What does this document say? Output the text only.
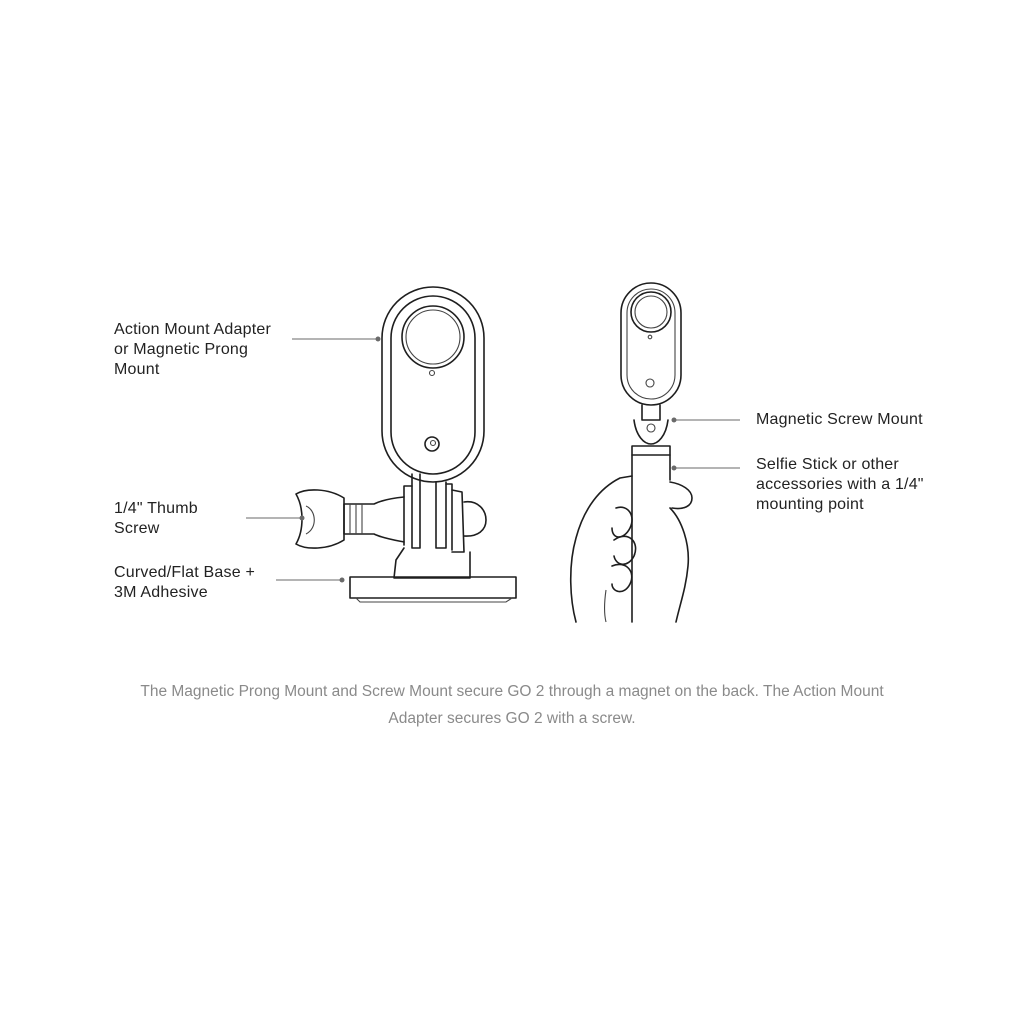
Action Mount Adapter
or Magnetic Prong
Mount
1/4" Thumb
Screw
Curved/Flat Base +
3M Adhesive
Magnetic Screw Mount
Selfie Stick or other
accessories with a 1/4"
mounting point
The Magnetic Prong Mount and Screw Mount secure GO 2 through a magnet on the back. The Action Mount Adapter secures GO 2 with a screw.
